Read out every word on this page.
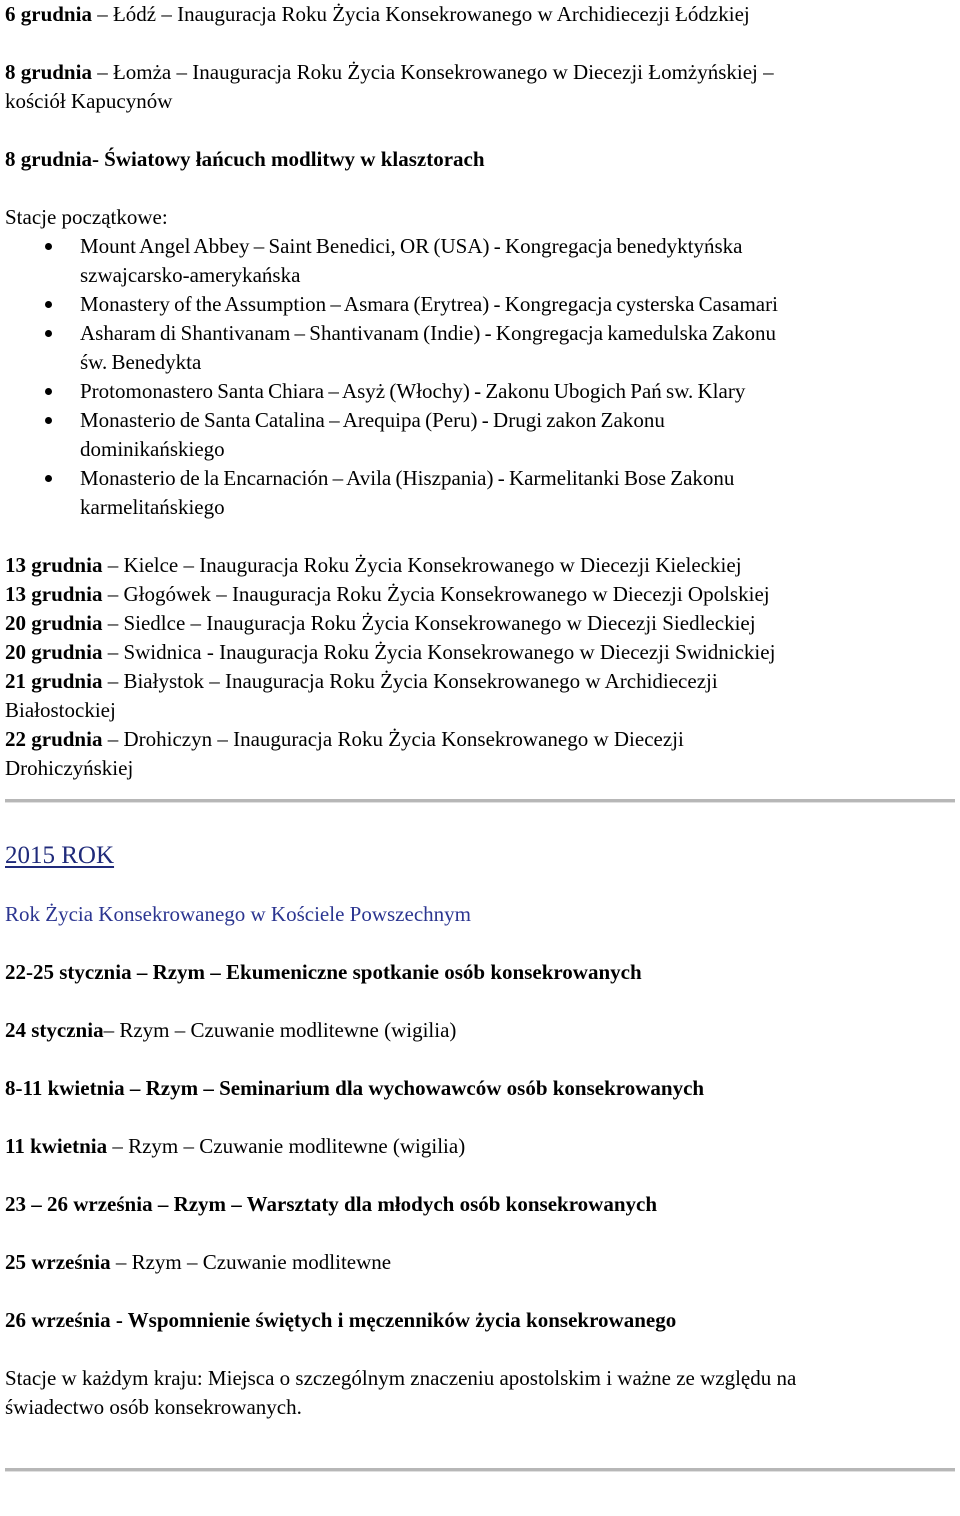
6 grudnia – Łódź – Inauguracja Roku Życia Konsekrowanego w Archidiecezji Łódzkiej

8 grudnia – Łomża – Inauguracja Roku Życia Konsekrowanego w Diecezji Łomżyńskiej –

kościół Kapucynów

8 grudnia- Światowy łańcuch modlitwy w klasztorach

Stacje początkowe:

Mount Angel Abbey – Saint Benedici, OR (USA) - Kongregacja benedyktyńska
szwajcarsko-amerykańska
Monastery of the Assumption – Asmara (Erytrea) - Kongregacja cysterska Casamari
Asharam di Shantivanam – Shantivanam (Indie) - Kongregacja kamedulska Zakonu
św. Benedykta
Protomonastero Santa Chiara – Asyż (Włochy) - Zakonu Ubogich Pań sw. Klary
Monasterio de Santa Catalina – Arequipa (Peru) - Drugi zakon Zakonu
dominikańskiego
Monasterio de la Encarnación – Avila (Hiszpania) - Karmelitanki Bose Zakonu
karmelitańskiego

13 grudnia – Kielce – Inauguracja Roku Życia Konsekrowanego w Diecezji Kieleckiej

13 grudnia – Głogówek – Inauguracja Roku Życia Konsekrowanego w Diecezji Opolskiej

20 grudnia – Siedlce – Inauguracja Roku Życia Konsekrowanego w Diecezji Siedleckiej

20 grudnia – Swidnica - Inauguracja Roku Życia Konsekrowanego w Diecezji Swidnickiej

21 grudnia – Białystok – Inauguracja Roku Życia Konsekrowanego w Archidiecezji

Białostockiej

22 grudnia – Drohiczyn – Inauguracja Roku Życia Konsekrowanego w Diecezji

Drohiczyńskiej

2015 ROK

Rok Życia Konsekrowanego w Kościele Powszechnym

22-25 stycznia – Rzym – Ekumeniczne spotkanie osób konsekrowanych

24 stycznia– Rzym – Czuwanie modlitewne (wigilia)

8-11 kwietnia – Rzym – Seminarium dla wychowawców osób konsekrowanych

11 kwietnia – Rzym – Czuwanie modlitewne (wigilia)

23 – 26 września – Rzym – Warsztaty dla młodych osób konsekrowanych

25 września – Rzym – Czuwanie modlitewne

26 września - Wspomnienie świętych i męczenników życia konsekrowanego

Stacje w każdym kraju: Miejsca o szczególnym znaczeniu apostolskim i ważne ze względu na
świadectwo osób konsekrowanych.
